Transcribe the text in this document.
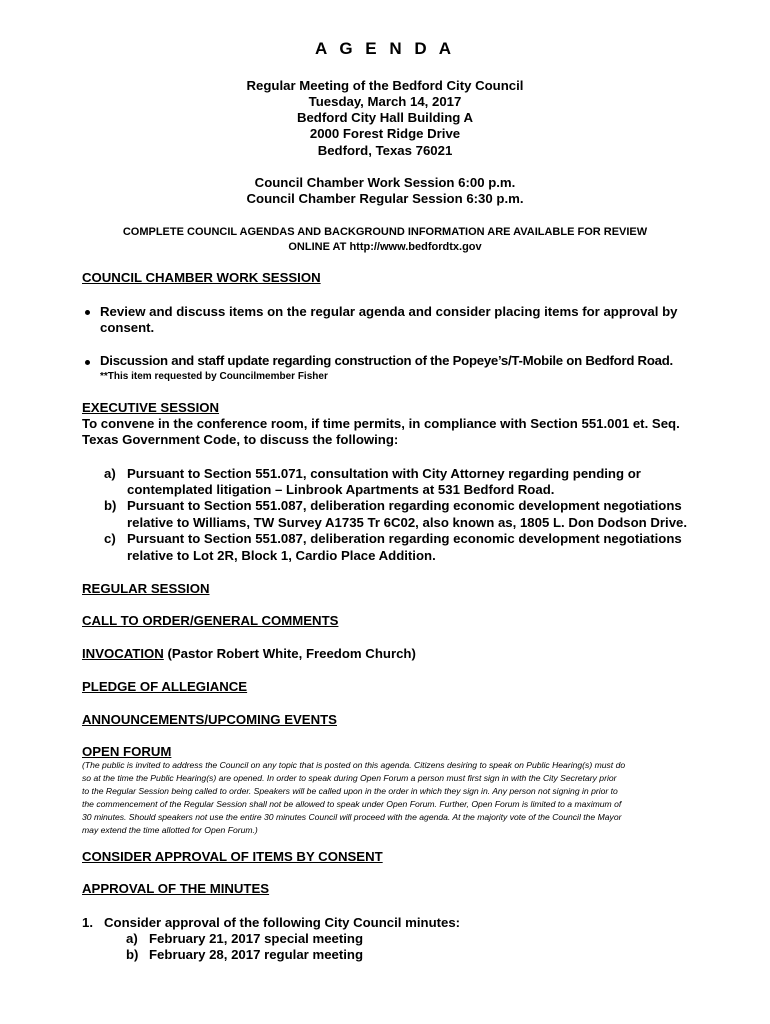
A G E N D A
Regular Meeting of the Bedford City Council
Tuesday, March 14, 2017
Bedford City Hall Building A
2000 Forest Ridge Drive
Bedford, Texas 76021
Council Chamber Work Session 6:00 p.m.
Council Chamber Regular Session 6:30 p.m.
COMPLETE COUNCIL AGENDAS AND BACKGROUND INFORMATION ARE AVAILABLE FOR REVIEW
ONLINE AT http://www.bedfordtx.gov
COUNCIL CHAMBER WORK SESSION
Review and discuss items on the regular agenda and consider placing items for approval by
consent.
Discussion and staff update regarding construction of the Popeye’s/T-Mobile on Bedford Road.
**This item requested by Councilmember Fisher
EXECUTIVE SESSION
To convene in the conference room, if time permits, in compliance with Section 551.001 et. Seq.
Texas Government Code, to discuss the following:
a) Pursuant to Section 551.071, consultation with City Attorney regarding pending or
contemplated litigation – Linbrook Apartments at 531 Bedford Road.
b) Pursuant to Section 551.087, deliberation regarding economic development negotiations
relative to Williams, TW Survey A1735 Tr 6C02, also known as, 1805 L. Don Dodson Drive.
c) Pursuant to Section 551.087, deliberation regarding economic development negotiations
relative to Lot 2R, Block 1, Cardio Place Addition.
REGULAR SESSION
CALL TO ORDER/GENERAL COMMENTS
INVOCATION (Pastor Robert White, Freedom Church)
PLEDGE OF ALLEGIANCE
ANNOUNCEMENTS/UPCOMING EVENTS
OPEN FORUM
(The public is invited to address the Council on any topic that is posted on this agenda. Citizens desiring to speak on Public Hearing(s) must do
so at the time the Public Hearing(s) are opened. In order to speak during Open Forum a person must first sign in with the City Secretary prior
to the Regular Session being called to order. Speakers will be called upon in the order in which they sign in. Any person not signing in prior to
the commencement of the Regular Session shall not be allowed to speak under Open Forum. Further, Open Forum is limited to a maximum of
30 minutes. Should speakers not use the entire 30 minutes Council will proceed with the agenda. At the majority vote of the Council the Mayor
may extend the time allotted for Open Forum.)
CONSIDER APPROVAL OF ITEMS BY CONSENT
APPROVAL OF THE MINUTES
1. Consider approval of the following City Council minutes:
a) February 21, 2017 special meeting
b) February 28, 2017 regular meeting
